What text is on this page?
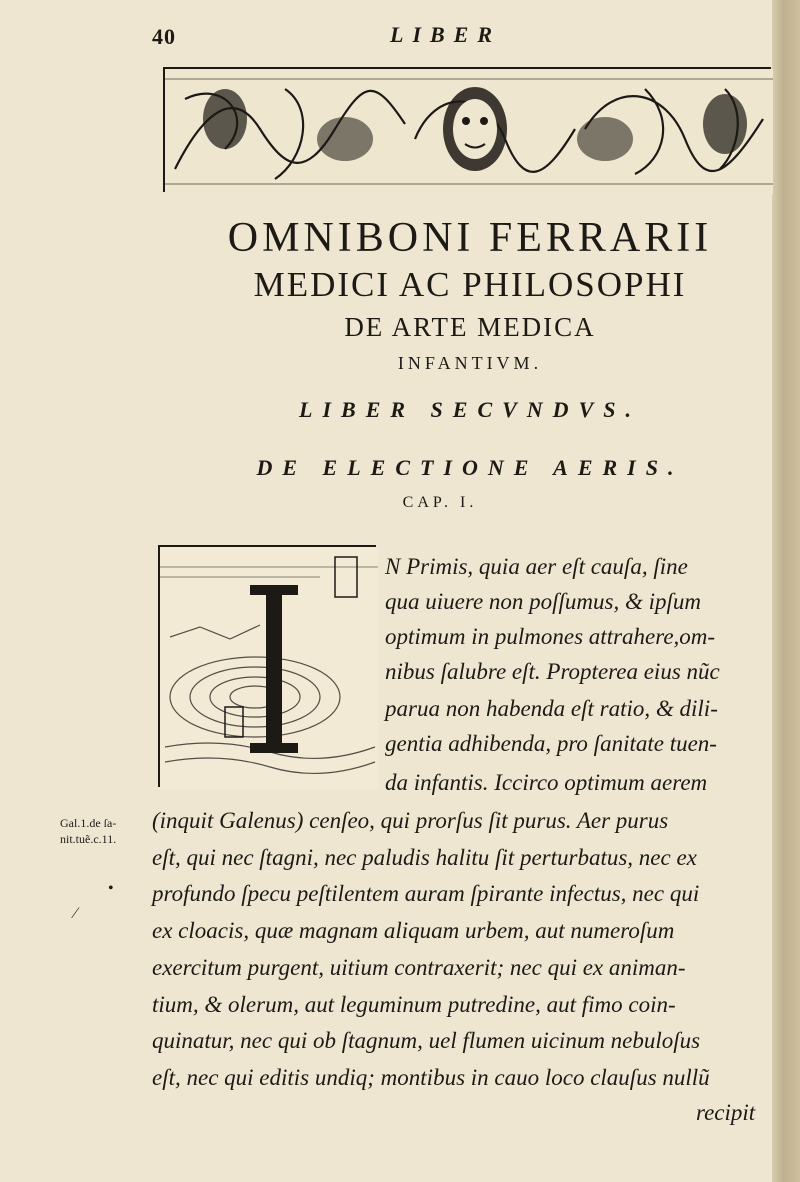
40	LIBER
OMNIBONI FERRARII
MEDICI AC PHILOSOPHI
DE ARTE MEDICA
INFANTIVM.
LIBER SECVNDVS.
DE ELECTIONE AERIS.
CAP. I.
N Primis, quia aer eſt cauſa, ſine
qua uiuere non poſſumus, & ipſum
optimum in pulmones attrahere,om-
nibus ſalubre eſt. Propterea eius nũc
parua non habenda eſt ratio, & dili-
gentia adhibenda, pro ſanitate tuen-
da infantis. Iccirco optimum aerem
(inquit Galenus) cenſeo, qui prorſus ſit purus. Aer purus
eſt, qui nec ſtagni, nec paludis halitu ſit perturbatus, nec ex
profundo ſpecu peſtilentem auram ſpirante infectus, nec qui
ex cloacis, quæ magnam aliquam urbem, aut numeroſum
exercitum purgent, uitium contraxerit; nec qui ex animan-
tium, & olerum, aut leguminum putredine, aut fimo coin-
quinatur, nec qui ob ſtagnum, uel flumen uicinum nebuloſus
eſt, nec qui editis undiq; montibus in cauo loco clauſus nullũ
Gal.1.de ſa-
nit.tuẽ.c.11.
•
⁄
recipit
